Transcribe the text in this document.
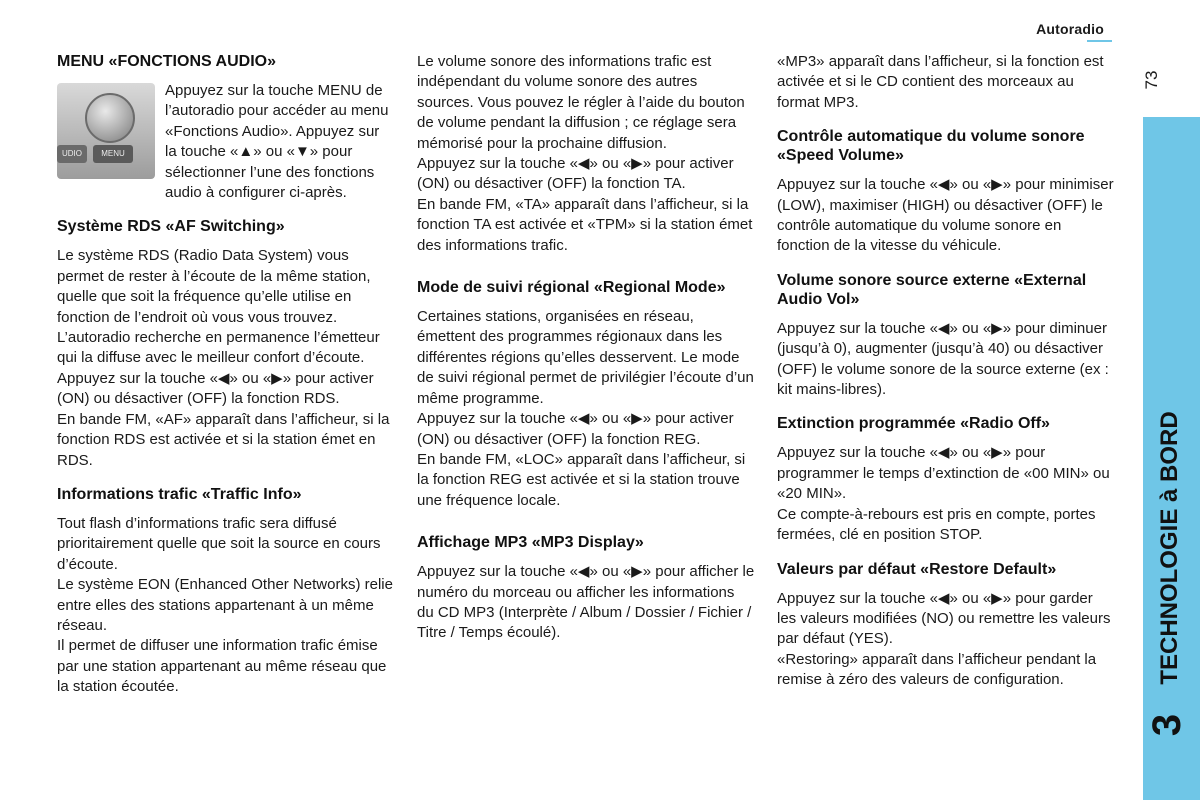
Autoradio
73
TECHNOLOGIE à BORD
3
MENU «FONCTIONS AUDIO»
UDIO	MENU

Appuyez sur la touche MENU de l’autoradio pour accéder au menu «Fonctions Audio». Appuyez sur la touche «▲» ou «▼» pour sélectionner l’une des fonctions audio à configurer ci-après.

Système RDS «AF Switching»

Le système RDS (Radio Data System) vous permet de rester à l’écoute de la même station, quelle que soit la fréquence qu’elle utilise en fonction de l’endroit où vous vous trouvez. L’autoradio recherche en permanence l’émetteur qui la diffuse avec le meilleur confort d’écoute.

Appuyez sur la touche «◀» ou «▶» pour activer (ON) ou désactiver (OFF) la fonction RDS.

En bande FM, «AF» apparaît dans l’afficheur, si la fonction RDS est activée et si la station émet en RDS.

Informations trafic «Traffic Info»

Tout flash d’informations trafic sera diffusé prioritairement quelle que soit la source en cours d’écoute.

Le système EON (Enhanced Other Networks) relie entre elles des stations appartenant à un même réseau.

Il permet de diffuser une information trafic émise par une station appartenant au même réseau que la station écoutée.

Le volume sonore des informations trafic est indépendant du volume sonore des autres sources. Vous pouvez le régler à l’aide du bouton de volume pendant la diffusion ; ce réglage sera mémorisé pour la prochaine diffusion.

Appuyez sur la touche «◀» ou «▶» pour activer (ON) ou désactiver (OFF) la fonction TA.

En bande FM, «TA» apparaît dans l’afficheur, si la fonction TA est activée et «TPM» si la station émet des informations trafic.

Mode de suivi régional «Regional Mode»

Certaines stations, organisées en réseau, émettent des programmes régionaux dans les différentes régions qu’elles desservent. Le mode de suivi régional permet de privilégier l’écoute d’un même programme.

Appuyez sur la touche «◀» ou «▶» pour activer (ON) ou désactiver (OFF) la fonction REG.

En bande FM, «LOC» apparaît dans l’afficheur, si la fonction REG est activée et si la station trouve une fréquence locale.

Affichage MP3 «MP3 Display»

Appuyez sur la touche «◀» ou «▶» pour afficher le numéro du morceau ou afficher les informations du CD MP3 (Interprète / Album / Dossier / Fichier / Titre / Temps écoulé).

«MP3» apparaît dans l’afficheur, si la fonction est activée et si le CD contient des morceaux au format MP3.

Contrôle automatique du volume sonore «Speed Volume»

Appuyez sur la touche «◀» ou «▶» pour minimiser (LOW), maximiser (HIGH) ou désactiver (OFF) le contrôle automatique du volume sonore en fonction de la vitesse du véhicule.

Volume sonore source externe «External Audio Vol»

Appuyez sur la touche «◀» ou «▶» pour diminuer (jusqu’à 0), augmenter (jusqu’à 40) ou désactiver (OFF) le volume sonore de la source externe (ex : kit mains-libres).

Extinction programmée «Radio Off»

Appuyez sur la touche «◀» ou «▶» pour programmer le temps d’extinction de «00 MIN» ou «20 MIN».

Ce compte-à-rebours est pris en compte, portes fermées, clé en position STOP.

Valeurs par défaut «Restore Default»

Appuyez sur la touche «◀» ou «▶» pour garder les valeurs modifiées (NO) ou remettre les valeurs par défaut (YES).

«Restoring» apparaît dans l’afficheur pendant la remise à zéro des valeurs de configuration.
